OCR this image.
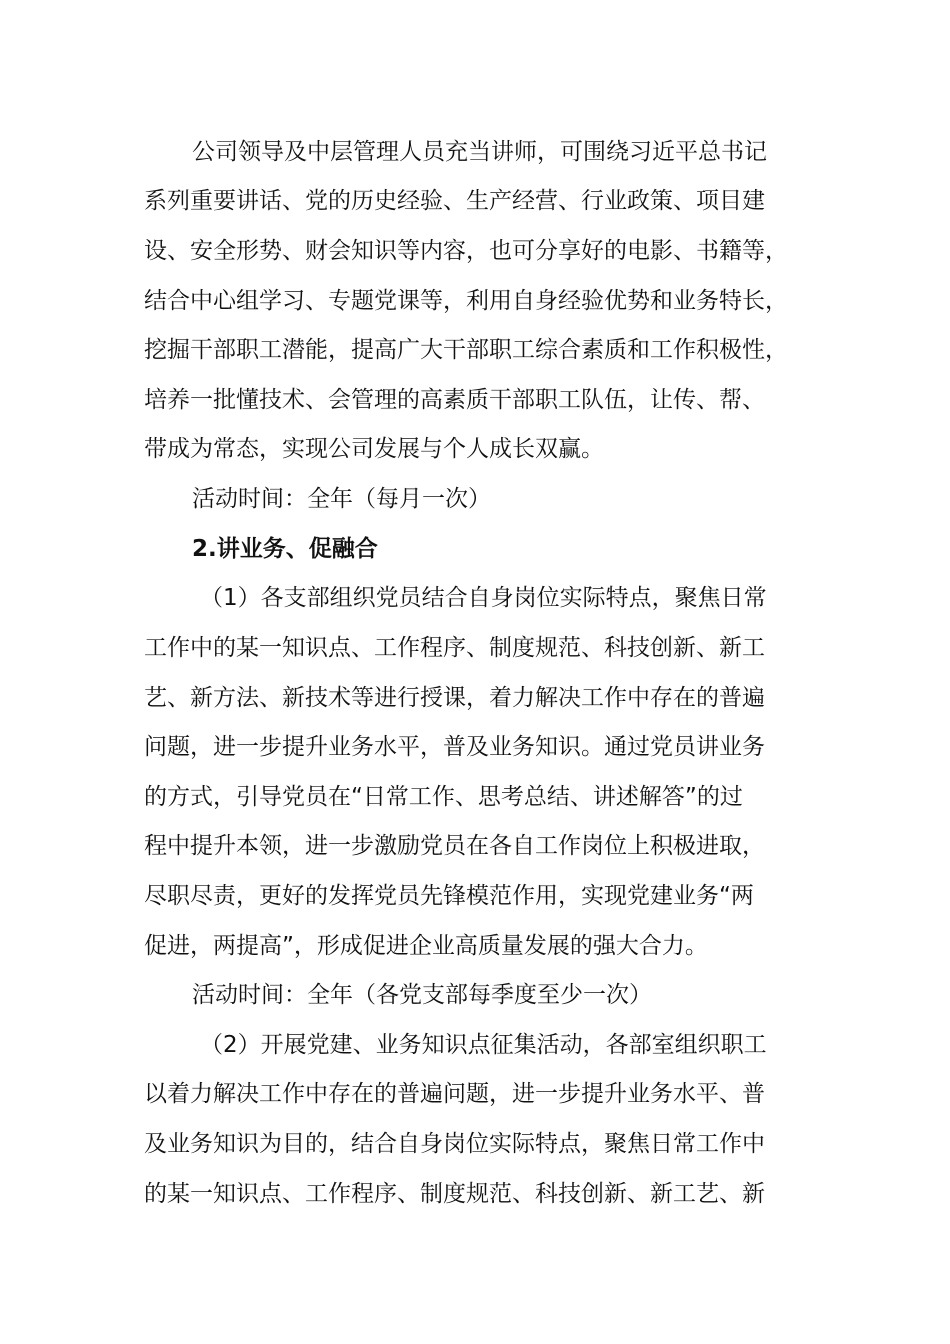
公司领导及中层管理人员充当讲师，可围绕习近平总书记
系列重要讲话、党的历史经验、生产经营、行业政策、项目建
设、安全形势、财会知识等内容，也可分享好的电影、书籍等，
结合中心组学习、专题党课等，利用自身经验优势和业务特长，
挖掘干部职工潜能，提高广大干部职工综合素质和工作积极性，
培养一批懂技术、会管理的高素质干部职工队伍，让传、帮、
带成为常态，实现公司发展与个人成长双赢。
活动时间：全年（每月一次）
2.讲业务、促融合
（1）各支部组织党员结合自身岗位实际特点，聚焦日常
工作中的某一知识点、工作程序、制度规范、科技创新、新工
艺、新方法、新技术等进行授课，着力解决工作中存在的普遍
问题，进一步提升业务水平，普及业务知识。通过党员讲业务
的方式，引导党员在“日常工作、思考总结、讲述解答”的过
程中提升本领，进一步激励党员在各自工作岗位上积极进取，
尽职尽责，更好的发挥党员先锋模范作用，实现党建业务“两
促进，两提高”，形成促进企业高质量发展的强大合力。
活动时间：全年（各党支部每季度至少一次）
（2）开展党建、业务知识点征集活动，各部室组织职工
以着力解决工作中存在的普遍问题，进一步提升业务水平、普
及业务知识为目的，结合自身岗位实际特点，聚焦日常工作中
的某一知识点、工作程序、制度规范、科技创新、新工艺、新
